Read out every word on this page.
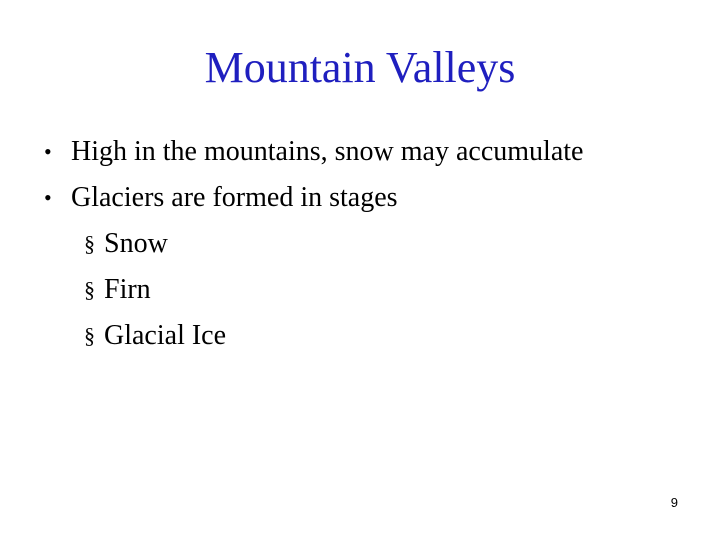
Mountain Valleys
• High in the mountains, snow may accumulate
• Glaciers are formed in stages
§ Snow
§ Firn
§ Glacial Ice
9
